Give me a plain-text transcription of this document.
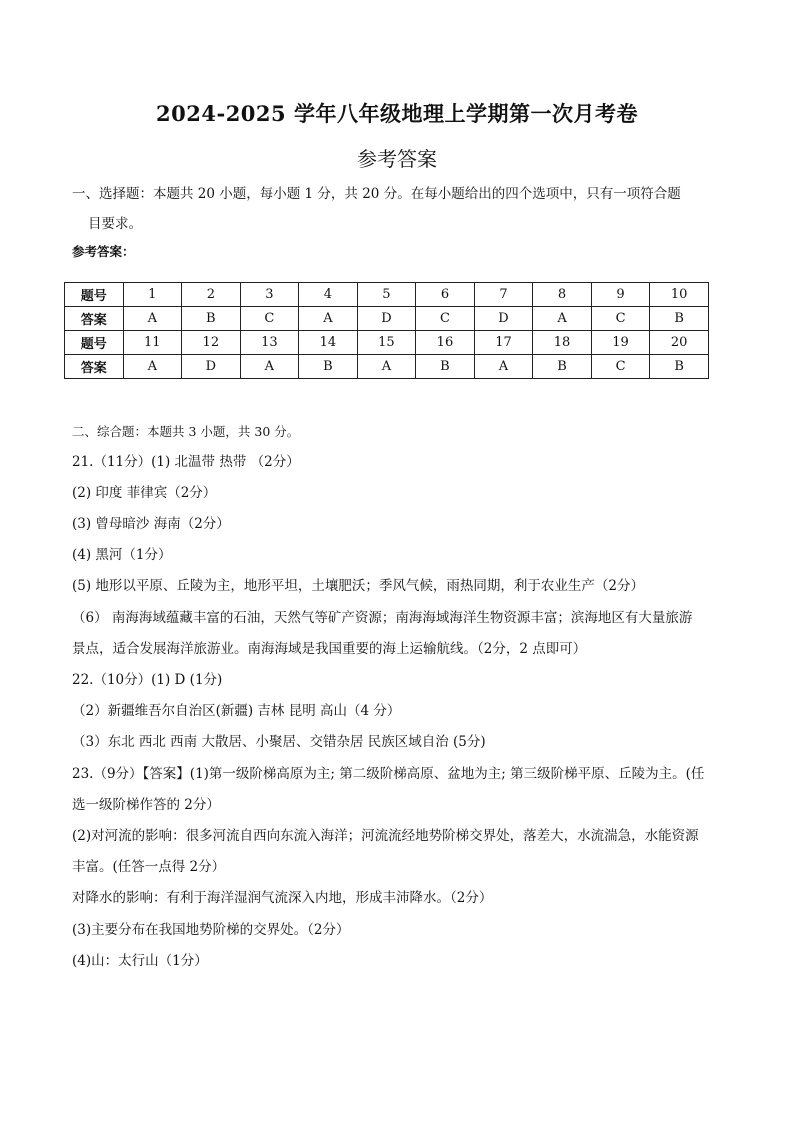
2024-2025 学年八年级地理上学期第一次月考卷
参考答案
一、选择题：本题共 20 小题，每小题 1 分，共 20 分。在每小题给出的四个选项中，只有一项符合题
目要求。
参考答案：
题号	1	2	3	4	5	6	7	8	9	10
答案	A	B	C	A	D	C	D	A	C	B
题号	11	12	13	14	15	16	17	18	19	20
答案	A	D	A	B	A	B	A	B	C	B
二、综合题：本题共 3 小题，共 30 分。
21.（11分）(1) 北温带 热带 （2分）
(2) 印度 菲律宾（2分）
(3) 曾母暗沙 海南（2分）
(4) 黑河（1分）
(5) 地形以平原、丘陵为主，地形平坦，土壤肥沃；季风气候，雨热同期，利于农业生产（2分）
（6） 南海海域蕴藏丰富的石油，天然气等矿产资源；南海海域海洋生物资源丰富；滨海地区有大量旅游
景点，适合发展海洋旅游业。南海海域是我国重要的海上运输航线。（2分，2 点即可）
22.（10分）(1) D (1分)
（2）新疆维吾尔自治区(新疆) 吉林 昆明 高山（4 分）
（3）东北 西北 西南 大散居、小聚居、交错杂居 民族区域自治 (5分)
23.（9分）【答案】(1)第一级阶梯高原为主; 第二级阶梯高原、盆地为主; 第三级阶梯平原、丘陵为主。(任
选一级阶梯作答的 2分）
(2)对河流的影响：很多河流自西向东流入海洋；河流流经地势阶梯交界处，落差大，水流湍急，水能资源
丰富。(任答一点得 2分）
对降水的影响：有利于海洋湿润气流深入内地，形成丰沛降水。（2分）
(3)主要分布在我国地势阶梯的交界处。（2分）
(4)山：太行山（1分）
